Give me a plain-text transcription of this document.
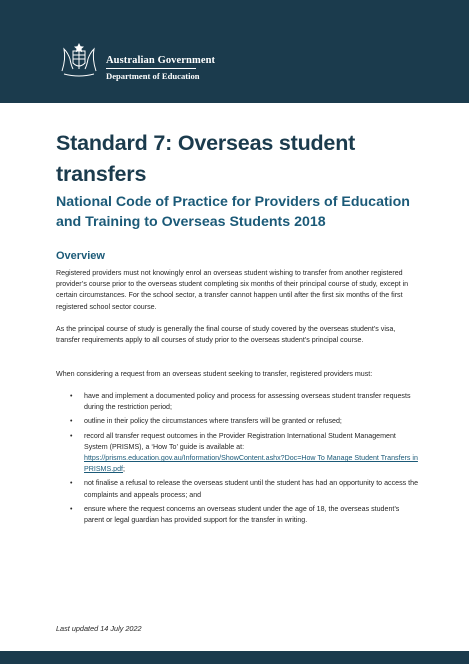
Australian Government
Department of Education
Standard 7: Overseas student transfers
National Code of Practice for Providers of Education and Training to Overseas Students 2018
Overview

Registered providers must not knowingly enrol an overseas student wishing to transfer from another registered provider’s course prior to the overseas student completing six months of their principal course of study, except in certain circumstances. For the school sector, a transfer cannot happen until after the first six months of the first registered school sector course.

As the principal course of study is generally the final course of study covered by the overseas student’s visa, transfer requirements apply to all courses of study prior to the overseas student’s principal course.

When considering a request from an overseas student seeking to transfer, registered providers must:

• have and implement a documented policy and process for assessing overseas student transfer requests during the restriction period;
• outline in their policy the circumstances where transfers will be granted or refused;
• record all transfer request outcomes in the Provider Registration International Student Management System (PRISMS), a ‘How To’ guide is available at: https://prisms.education.gov.au/Information/ShowContent.ashx?Doc=How To Manage Student Transfers in PRISMS.pdf;
• not finalise a refusal to release the overseas student until the student has had an opportunity to access the complaints and appeals process; and
• ensure where the request concerns an overseas student under the age of 18, the overseas student’s parent or legal guardian has provided support for the transfer in writing.

Last updated 14 July 2022
